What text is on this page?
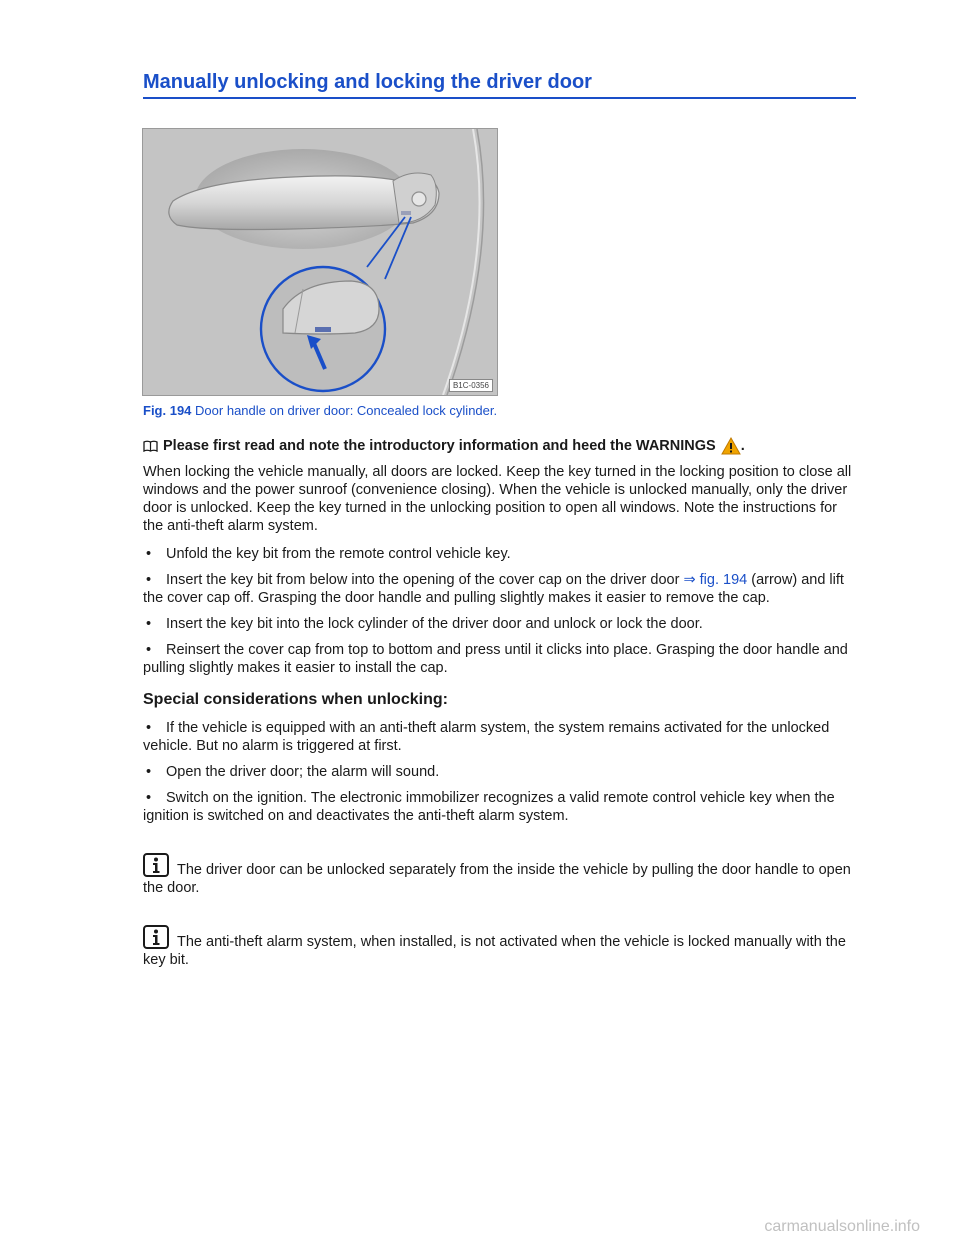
Manually unlocking and locking the driver door
B1C-0356
Fig. 194 Door handle on driver door: Concealed lock cylinder.
Please first read and note the introductory information and heed the WARNINGS .

When locking the vehicle manually, all doors are locked. Keep the key turned in the locking position to close all windows and the power sunroof (convenience closing). When the vehicle is unlocked manually, only the driver door is unlocked. Keep the key turned in the unlocking position to open all windows. Note the instructions for the anti-theft alarm system.

• Unfold the key bit from the remote control vehicle key.
• Insert the key bit from below into the opening of the cover cap on the driver door ⇒ fig. 194 (arrow) and lift the cover cap off. Grasping the door handle and pulling slightly makes it easier to remove the cap.
• Insert the key bit into the lock cylinder of the driver door and unlock or lock the door.
• Reinsert the cover cap from top to bottom and press until it clicks into place. Grasping the door handle and pulling slightly makes it easier to install the cap.
Special considerations when unlocking:
• If the vehicle is equipped with an anti-theft alarm system, the system remains activated for the unlocked vehicle. But no alarm is triggered at first.
• Open the driver door; the alarm will sound.
• Switch on the ignition. The electronic immobilizer recognizes a valid remote control vehicle key when the ignition is switched on and deactivates the anti-theft alarm system.
The driver door can be unlocked separately from the inside the vehicle by pulling the door handle to open the door.
The anti-theft alarm system, when installed, is not activated when the vehicle is locked manually with the key bit.
carmanualsonline.info
